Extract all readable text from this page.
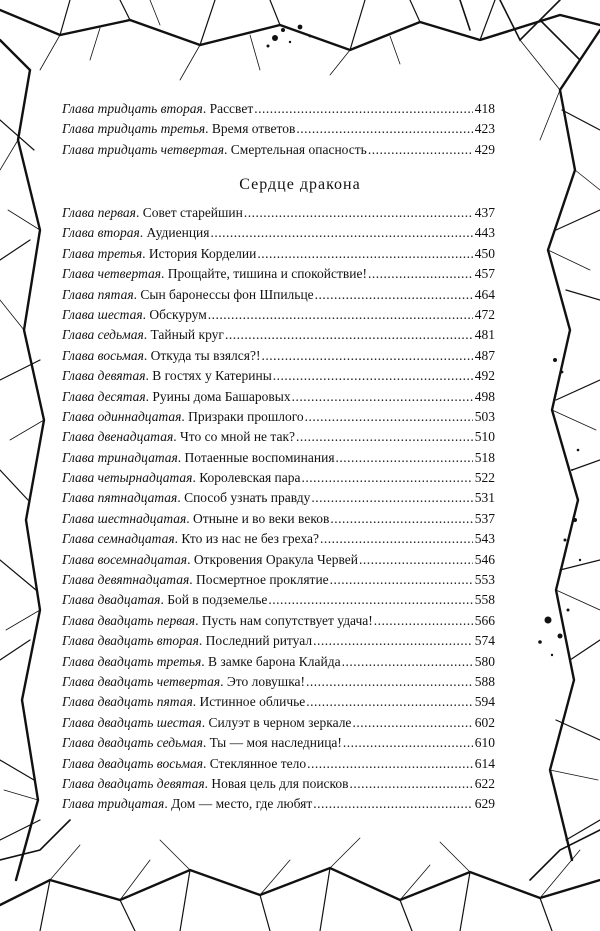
Глава тридцать вторая . Рассвет .....	418
Глава тридцать третья . Время ответов .....	423
Глава тридцать четвертая . Смертельная опасность .....	429
Сердце дракона
Глава первая . Совет старейшин .....	437
Глава вторая . Аудиенция .....	443
Глава третья . История Корделии .....	450
Глава четвертая . Прощайте, тишина и спокойствие! .....	457
Глава пятая . Сын баронессы фон Шпильце .....	464
Глава шестая . Обскурум .....	472
Глава седьмая . Тайный круг .....	481
Глава восьмая . Откуда ты взялся?! .....	487
Глава девятая . В гостях у Катерины .....	492
Глава десятая . Руины дома Башаровых .....	498
Глава одиннадцатая . Призраки прошлого .....	503
Глава двенадцатая . Что со мной не так? .....	510
Глава тринадцатая . Потаенные воспоминания .....	518
Глава четырнадцатая . Королевская пара .....	522
Глава пятнадцатая . Способ узнать правду .....	531
Глава шестнадцатая . Отныне и во веки веков .....	537
Глава семнадцатая . Кто из нас не без греха? .....	543
Глава восемнадцатая . Откровения Оракула Червей .....	546
Глава девятнадцатая . Посмертное проклятие .....	553
Глава двадцатая . Бой в подземелье .....	558
Глава двадцать первая . Пусть нам сопутствует удача! .....	566
Глава двадцать вторая . Последний ритуал .....	574
Глава двадцать третья . В замке барона Клайда .....	580
Глава двадцать четвертая . Это ловушка! .....	588
Глава двадцать пятая . Истинное обличье .....	594
Глава двадцать шестая . Силуэт в черном зеркале .....	602
Глава двадцать седьмая . Ты — моя наследница! .....	610
Глава двадцать восьмая . Стеклянное тело .....	614
Глава двадцать девятая . Новая цель для поисков .....	622
Глава тридцатая . Дом — место, где любят .....	629
